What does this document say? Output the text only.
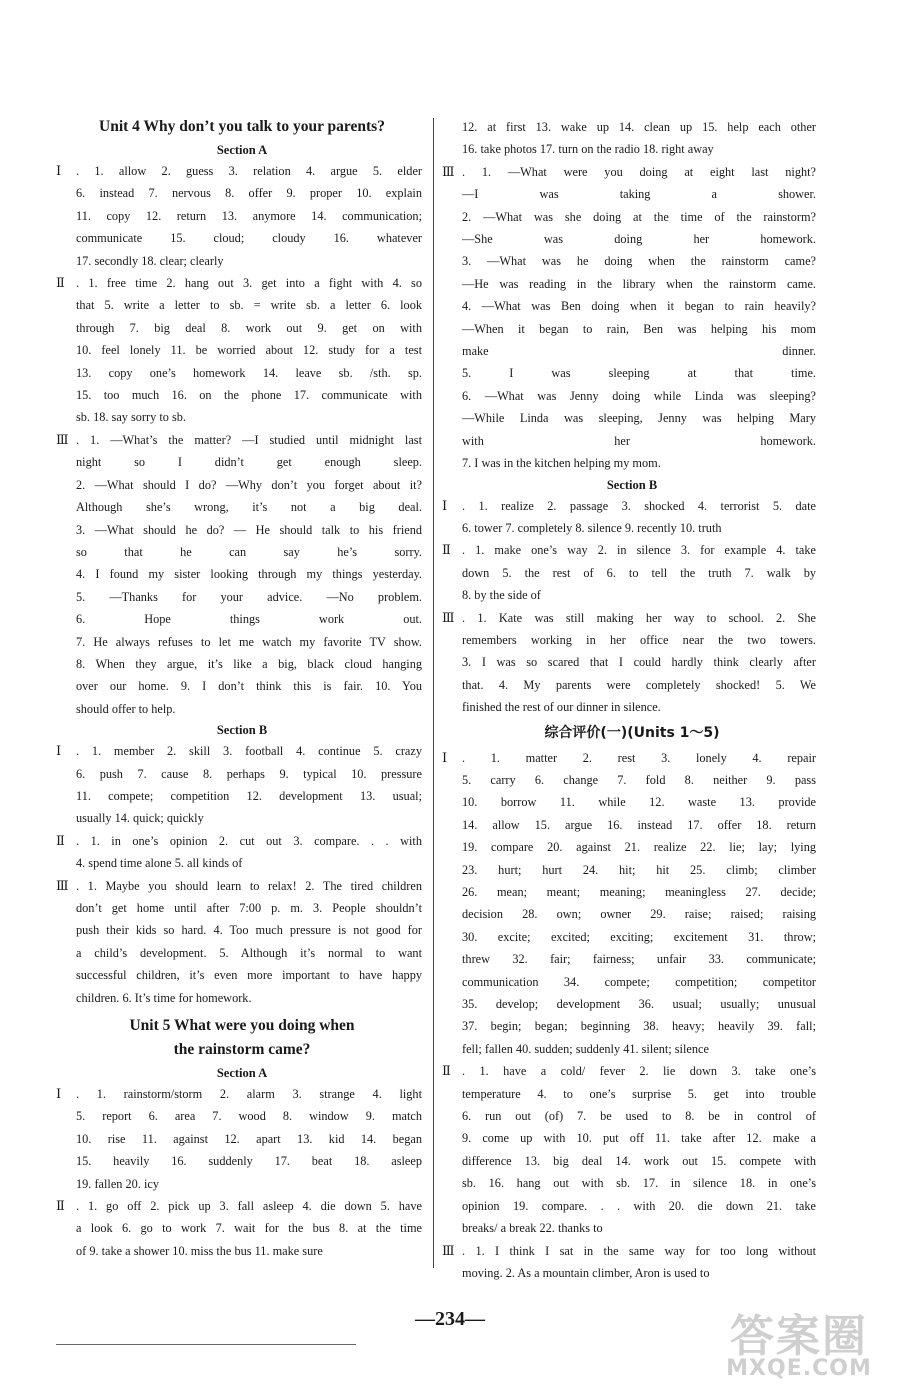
Unit 4 Why don’t you talk to your parents?
Section A
Ⅰ . 1. allow 2. guess 3. relation 4. argue 5. elder
6. instead 7. nervous 8. offer 9. proper 10. explain
11. copy 12. return 13. anymore 14. communication;
communicate 15. cloud; cloudy 16. whatever
17. secondly 18. clear; clearly
Ⅱ . 1. free time 2. hang out 3. get into a fight with 4. so
that 5. write a letter to sb. = write sb. a letter 6. look
through 7. big deal 8. work out 9. get on with
10. feel lonely 11. be worried about 12. study for a test
13. copy one’s homework 14. leave sb. /sth. sp.
15. too much 16. on the phone 17. communicate with
sb. 18. say sorry to sb.
Ⅲ . 1. —What’s the matter? —I studied until midnight last
night so I didn’t get enough sleep.
2. —What should I do? —Why don’t you forget about it?
Although she’s wrong, it’s not a big deal.
3. —What should he do? — He should talk to his friend
so that he can say he’s sorry.
4. I found my sister looking through my things yesterday.
5. —Thanks for your advice. —No problem.
6. Hope things work out.
7. He always refuses to let me watch my favorite TV show.
8. When they argue, it’s like a big, black cloud hanging
over our home. 9. I don’t think this is fair. 10. You
should offer to help.
Section B
Ⅰ . 1. member 2. skill 3. football 4. continue 5. crazy
6. push 7. cause 8. perhaps 9. typical 10. pressure
11. compete; competition 12. development 13. usual;
usually 14. quick; quickly
Ⅱ . 1. in one’s opinion 2. cut out 3. compare. . . with
4. spend time alone 5. all kinds of
Ⅲ . 1. Maybe you should learn to relax! 2. The tired children
don’t get home until after 7:00 p. m. 3. People shouldn’t
push their kids so hard. 4. Too much pressure is not good for
a child’s development. 5. Although it’s normal to want
successful children, it’s even more important to have happy
children. 6. It’s time for homework.
Unit 5 What were you doing when
the rainstorm came?
Section A
Ⅰ . 1. rainstorm/storm 2. alarm 3. strange 4. light
5. report 6. area 7. wood 8. window 9. match
10. rise 11. against 12. apart 13. kid 14. began
15. heavily 16. suddenly 17. beat 18. asleep
19. fallen 20. icy
Ⅱ . 1. go off 2. pick up 3. fall asleep 4. die down 5. have
a look 6. go to work 7. wait for the bus 8. at the time
of 9. take a shower 10. miss the bus 11. make sure
12. at first 13. wake up 14. clean up 15. help each other
16. take photos 17. turn on the radio 18. right away
Ⅲ . 1. —What were you doing at eight last night?
—I was taking a shower.
2. —What was she doing at the time of the rainstorm?
—She was doing her homework.
3. —What was he doing when the rainstorm came?
—He was reading in the library when the rainstorm came.
4. —What was Ben doing when it began to rain heavily?
—When it began to rain, Ben was helping his mom
make dinner.
5. I was sleeping at that time.
6. —What was Jenny doing while Linda was sleeping?
—While Linda was sleeping, Jenny was helping Mary
with her homework.
7. I was in the kitchen helping my mom.
Section B
Ⅰ . 1. realize 2. passage 3. shocked 4. terrorist 5. date
6. tower 7. completely 8. silence 9. recently 10. truth
Ⅱ . 1. make one’s way 2. in silence 3. for example 4. take
down 5. the rest of 6. to tell the truth 7. walk by
8. by the side of
Ⅲ . 1. Kate was still making her way to school. 2. She
remembers working in her office near the two towers.
3. I was so scared that I could hardly think clearly after
that. 4. My parents were completely shocked! 5. We
finished the rest of our dinner in silence.
综合评价(一)(Units 1～5)
Ⅰ . 1. matter 2. rest 3. lonely 4. repair
5. carry 6. change 7. fold 8. neither 9. pass
10. borrow 11. while 12. waste 13. provide
14. allow 15. argue 16. instead 17. offer 18. return
19. compare 20. against 21. realize 22. lie; lay; lying
23. hurt; hurt 24. hit; hit 25. climb; climber
26. mean; meant; meaning; meaningless 27. decide;
decision 28. own; owner 29. raise; raised; raising
30. excite; excited; exciting; excitement 31. throw;
threw 32. fair; fairness; unfair 33. communicate;
communication 34. compete; competition; competitor
35. develop; development 36. usual; usually; unusual
37. begin; began; beginning 38. heavy; heavily 39. fall;
fell; fallen 40. sudden; suddenly 41. silent; silence
Ⅱ . 1. have a cold/ fever 2. lie down 3. take one’s
temperature 4. to one’s surprise 5. get into trouble
6. run out (of) 7. be used to 8. be in control of
9. come up with 10. put off 11. take after 12. make a
difference 13. big deal 14. work out 15. compete with
sb. 16. hang out with sb. 17. in silence 18. in one’s
opinion 19. compare. . . with 20. die down 21. take
breaks/ a break 22. thanks to
Ⅲ . 1. I think I sat in the same way for too long without
moving. 2. As a mountain climber, Aron is used to
—234—	答案圈
MXQE.COM
